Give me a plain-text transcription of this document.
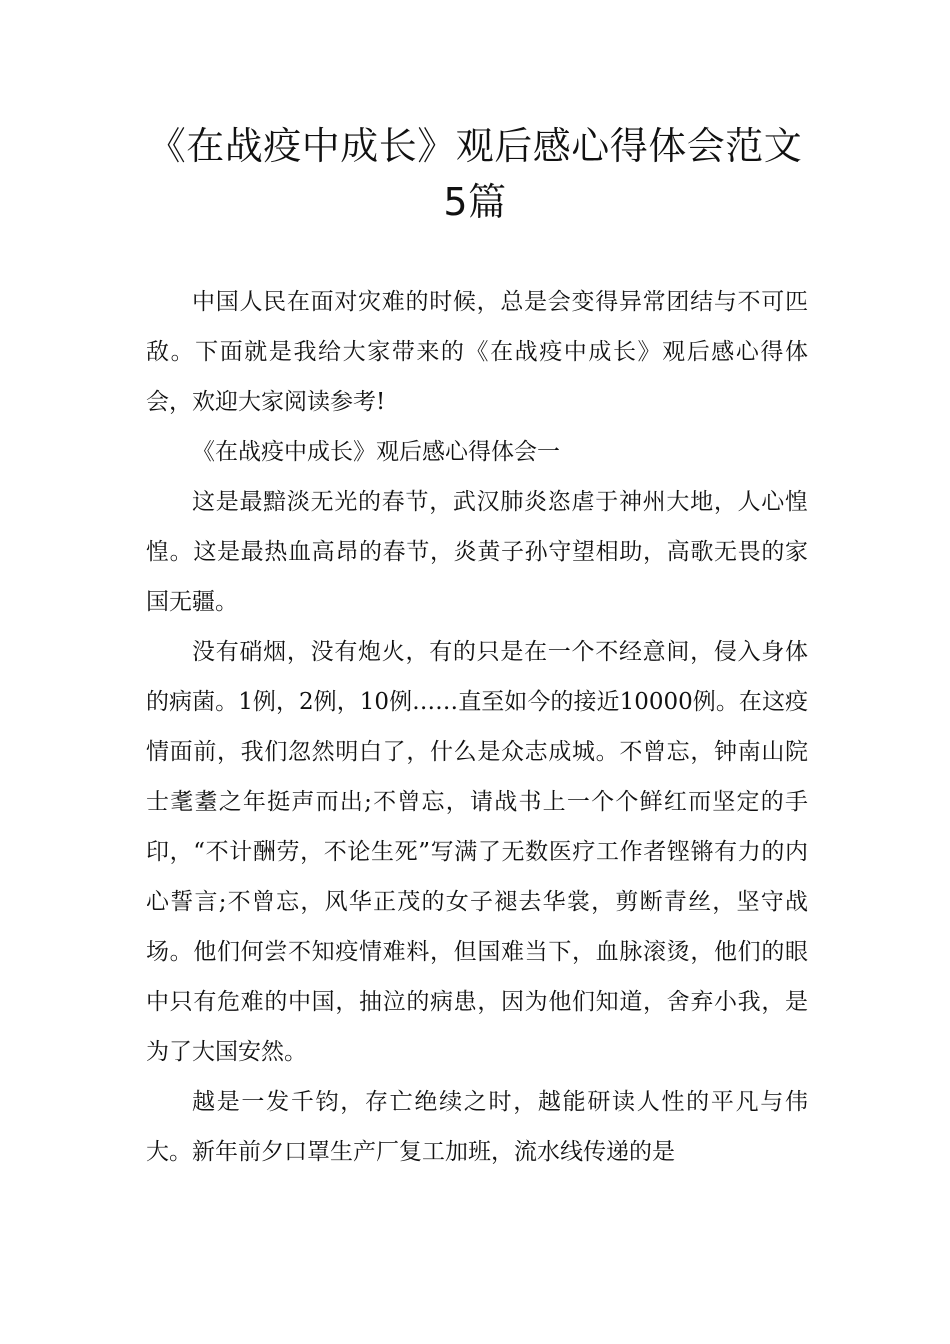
《在战疫中成长》观后感心得体会范文
5篇

中国人民在面对灾难的时候，总是会变得异常团结与不可匹敌。下面就是我给大家带来的《在战疫中成长》观后感心得体会，欢迎大家阅读参考!

《在战疫中成长》观后感心得体会一

这是最黯淡无光的春节，武汉肺炎恣虐于神州大地，人心惶惶。这是最热血高昂的春节，炎黄子孙守望相助，高歌无畏的家国无疆。

没有硝烟，没有炮火，有的只是在一个不经意间，侵入身体的病菌。1例，2例，10例……直至如今的接近10000例。在这疫情面前，我们忽然明白了，什么是众志成城。不曾忘，钟南山院士耄耋之年挺声而出;不曾忘，请战书上一个个鲜红而坚定的手印，“不计酬劳，不论生死”写满了无数医疗工作者铿锵有力的内心誓言;不曾忘，风华正茂的女子褪去华裳，剪断青丝，坚守战场。他们何尝不知疫情难料，但国难当下，血脉滚烫，他们的眼中只有危难的中国，抽泣的病患，因为他们知道，舍弃小我，是为了大国安然。

越是一发千钧，存亡绝续之时，越能研读人性的平凡与伟大。新年前夕口罩生产厂复工加班，流水线传递的是
